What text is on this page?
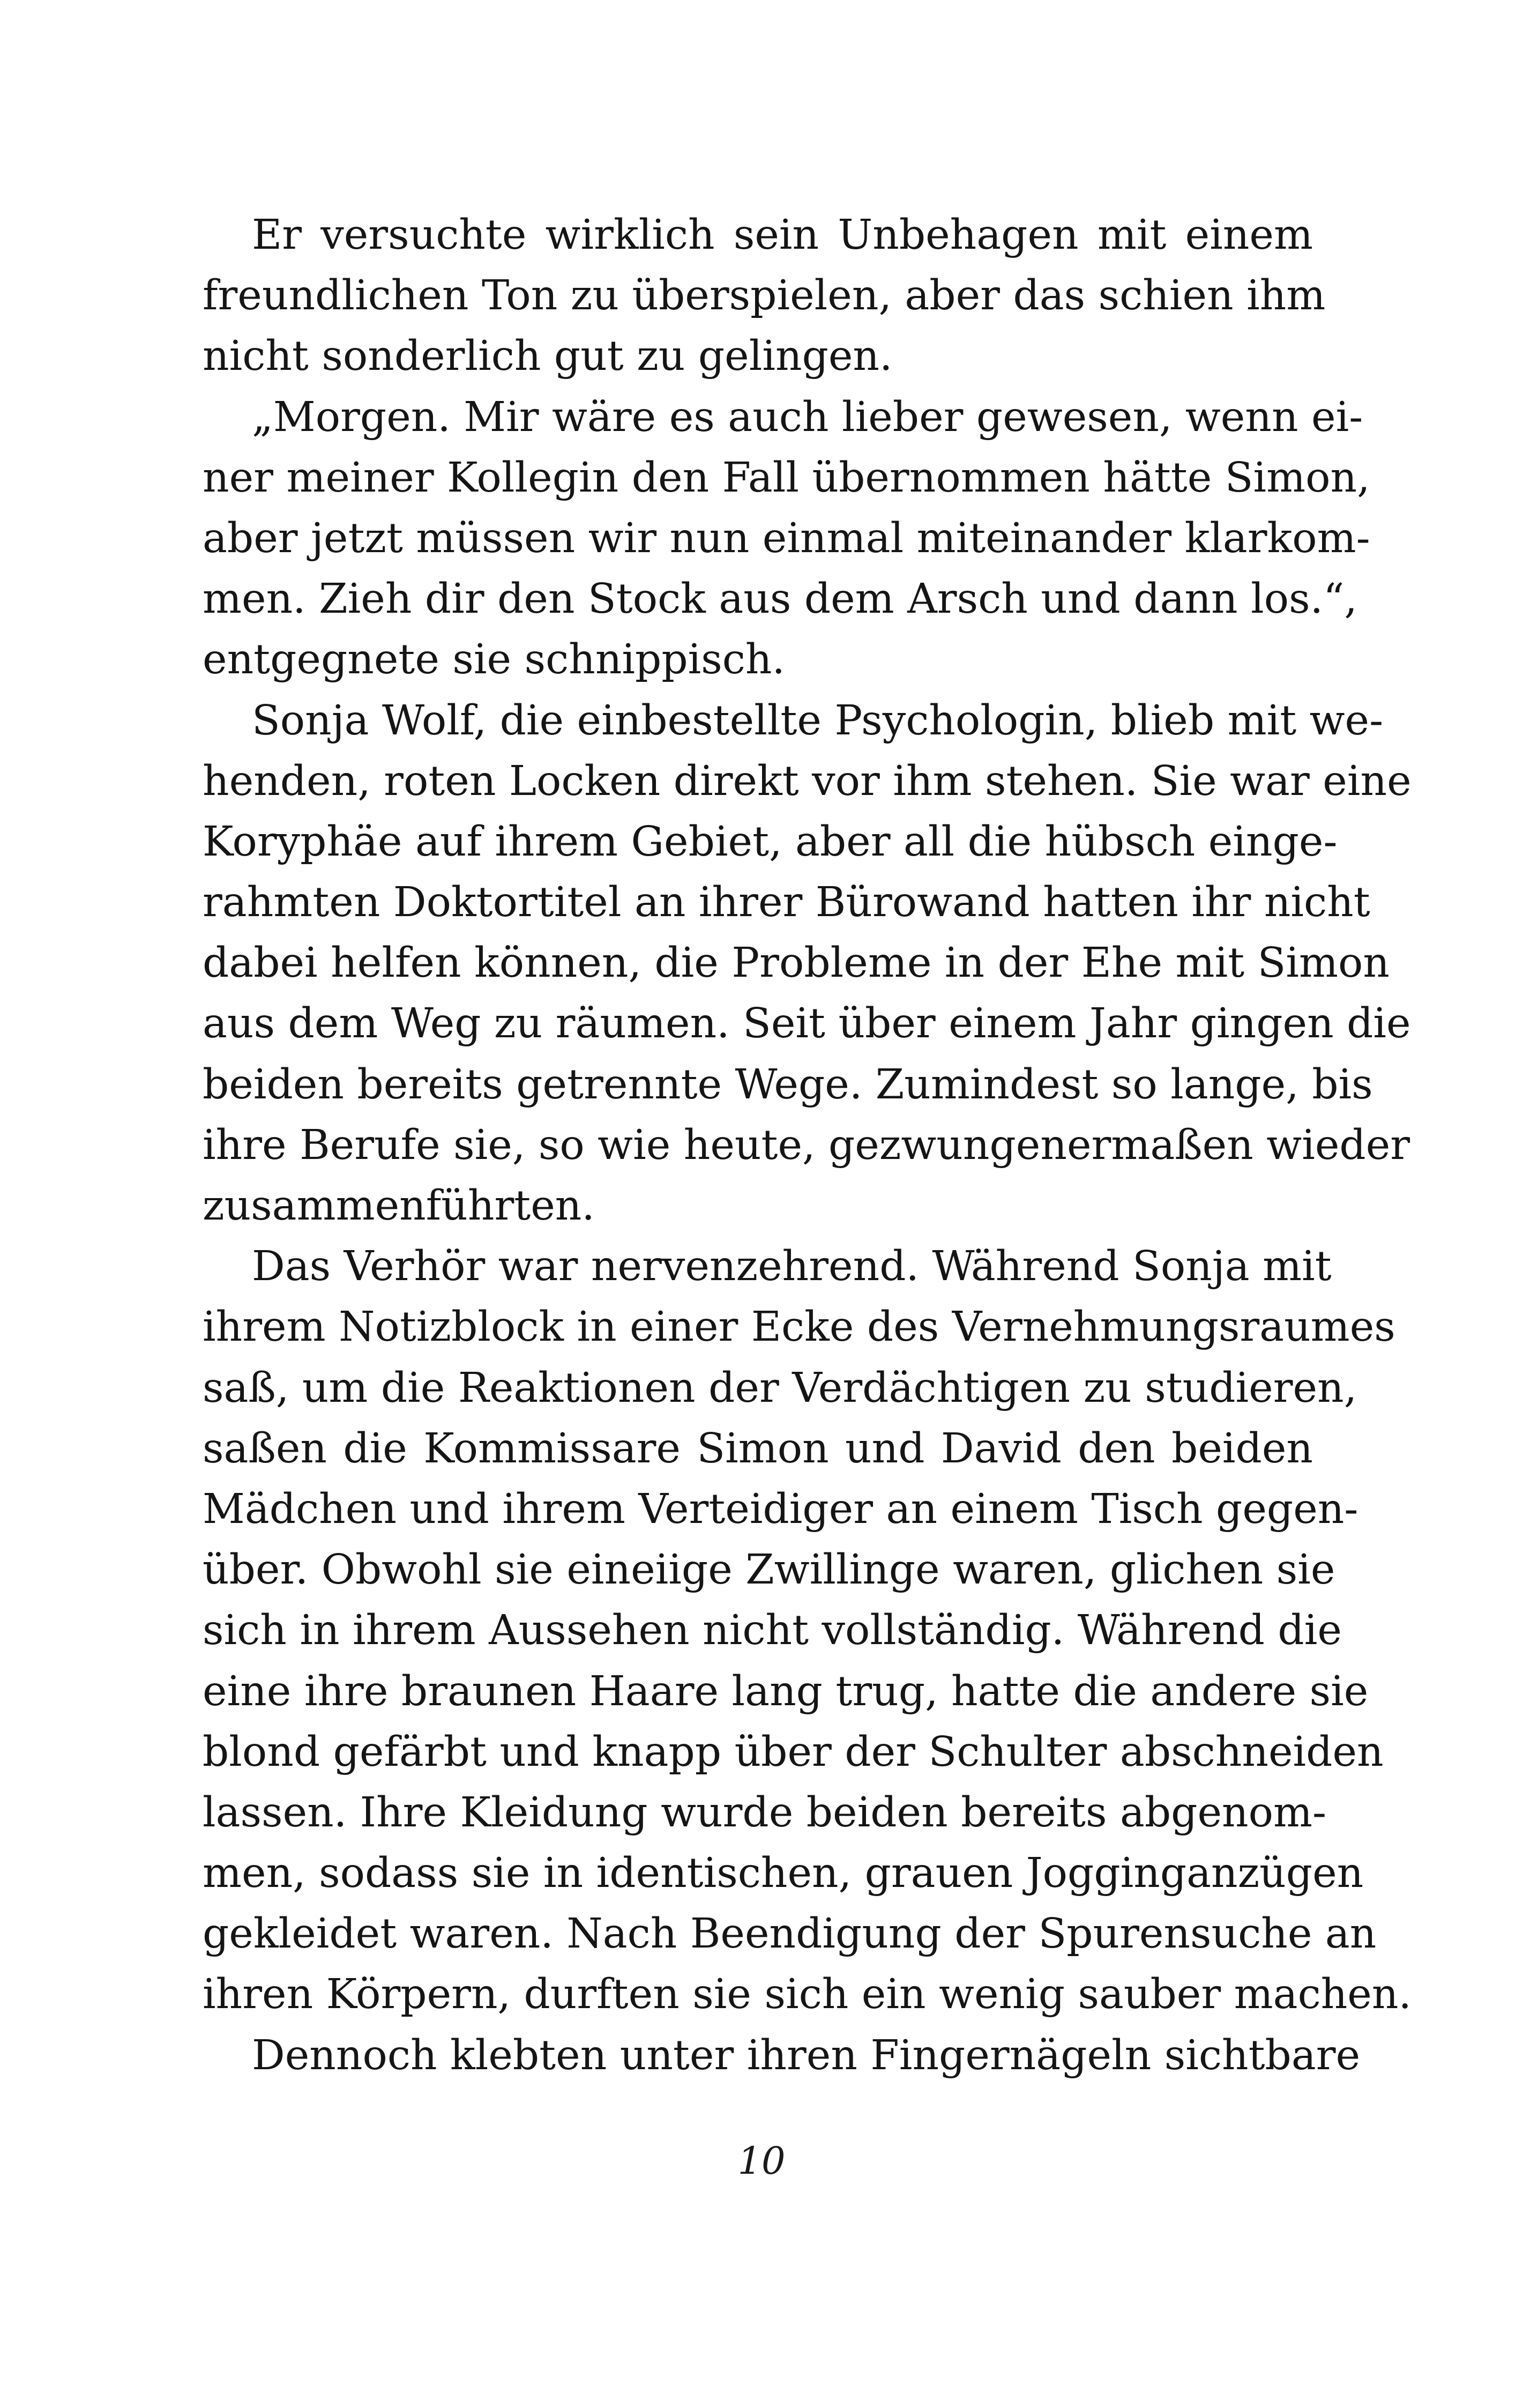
Er versuchte wirklich sein Unbehagen mit einem
freundlichen Ton zu überspielen, aber das schien ihm
nicht sonderlich gut zu gelingen.
„Morgen. Mir wäre es auch lieber gewesen, wenn ei-
ner meiner Kollegin den Fall übernommen hätte Simon,
aber jetzt müssen wir nun einmal miteinander klarkom-
men. Zieh dir den Stock aus dem Arsch und dann los.“,
entgegnete sie schnippisch.
Sonja Wolf, die einbestellte Psychologin, blieb mit we-
henden, roten Locken direkt vor ihm stehen. Sie war eine
Koryphäe auf ihrem Gebiet, aber all die hübsch einge-
rahmten Doktortitel an ihrer Bürowand hatten ihr nicht
dabei helfen können, die Probleme in der Ehe mit Simon
aus dem Weg zu räumen. Seit über einem Jahr gingen die
beiden bereits getrennte Wege. Zumindest so lange, bis
ihre Berufe sie, so wie heute, gezwungenermaßen wieder
zusammenführten.
Das Verhör war nervenzehrend. Während Sonja mit
ihrem Notizblock in einer Ecke des Vernehmungsraumes
saß, um die Reaktionen der Verdächtigen zu studieren,
saßen die Kommissare Simon und David den beiden
Mädchen und ihrem Verteidiger an einem Tisch gegen-
über. Obwohl sie eineiige Zwillinge waren, glichen sie
sich in ihrem Aussehen nicht vollständig. Während die
eine ihre braunen Haare lang trug, hatte die andere sie
blond gefärbt und knapp über der Schulter abschneiden
lassen. Ihre Kleidung wurde beiden bereits abgenom-
men, sodass sie in identischen, grauen Jogginganzügen
gekleidet waren. Nach Beendigung der Spurensuche an
ihren Körpern, durften sie sich ein wenig sauber machen.
Dennoch klebten unter ihren Fingernägeln sichtbare
10
